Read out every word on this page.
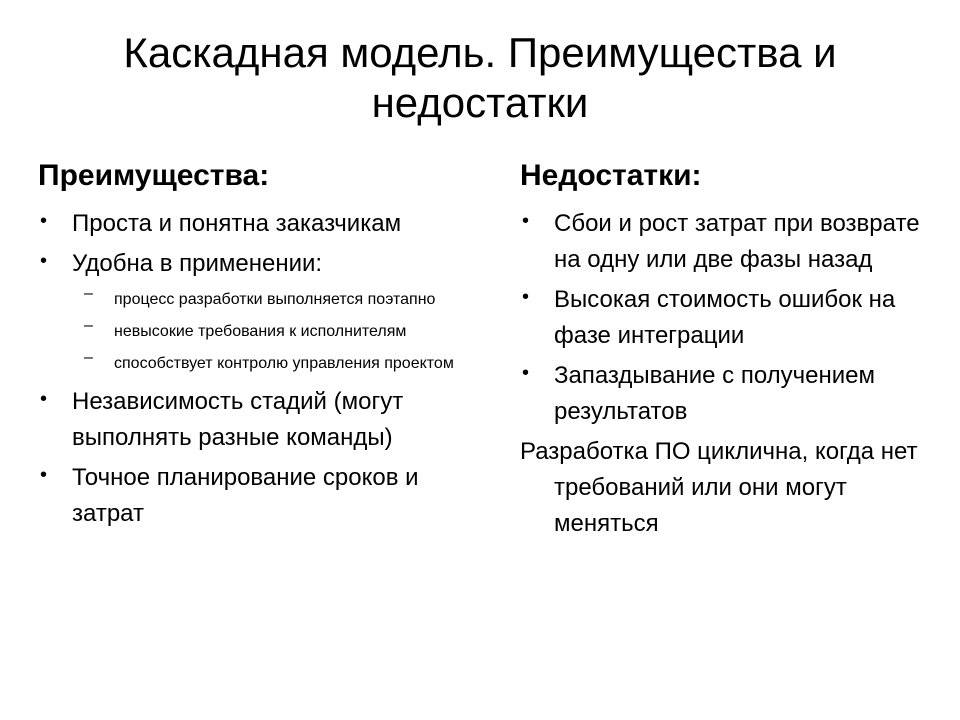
Каскадная модель. Преимущества и недостатки
Преимущества:
• Проста и понятна заказчикам
• Удобна в применении:
– процесс разработки выполняется поэтапно
– невысокие требования к исполнителям
– способствует контролю управления проектом
• Независимость стадий (могут выполнять разные команды)
• Точное планирование сроков и затрат
Недостатки:
• Сбои и рост затрат при возврате на одну или две фазы назад
• Высокая стоимость ошибок на фазе интеграции
• Запаздывание с получением результатов
Разработка ПО циклична, когда нет требований или они могут меняться
